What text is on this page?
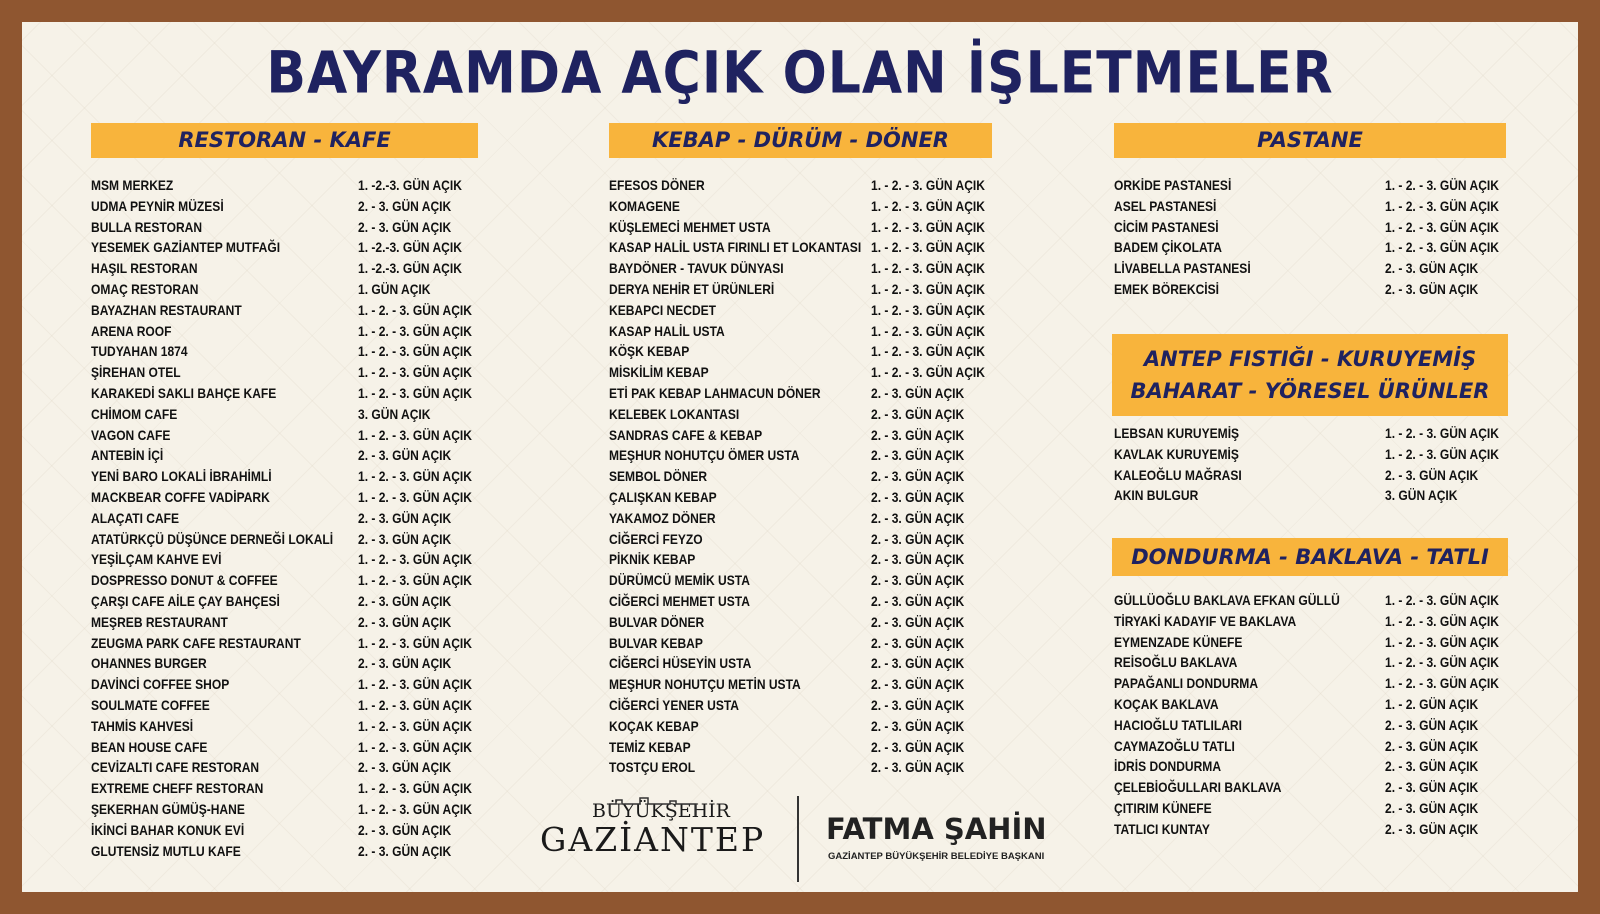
BAYRAMDA AÇIK OLAN İŞLETMELER
RESTORAN - KAFE	KEBAP - DÜRÜM - DÖNER	PASTANE
ANTEP FISTIĞI - KURUYEMİŞ
BAHARAT - YÖRESEL ÜRÜNLER
DONDURMA - BAKLAVA - TATLI
MSM MERKEZ	1. -2.-3. GÜN AÇIK
UDMA PEYNİR MÜZESİ	2. - 3. GÜN AÇIK
BULLA RESTORAN	2. - 3. GÜN AÇIK
YESEMEK GAZİANTEP MUTFAĞI	1. -2.-3. GÜN AÇIK
HAŞIL RESTORAN	1. -2.-3. GÜN AÇIK
OMAÇ RESTORAN	1. GÜN AÇIK
BAYAZHAN RESTAURANT	1. - 2. - 3. GÜN AÇIK
ARENA ROOF	1. - 2. - 3. GÜN AÇIK
TUDYAHAN 1874	1. - 2. - 3. GÜN AÇIK
ŞİREHAN OTEL	1. - 2. - 3. GÜN AÇIK
KARAKEDİ SAKLI BAHÇE KAFE	1. - 2. - 3. GÜN AÇIK
CHİMOM CAFE	3. GÜN AÇIK
VAGON CAFE	1. - 2. - 3. GÜN AÇIK
ANTEBİN İÇİ	2. - 3. GÜN AÇIK
YENİ BARO LOKALİ İBRAHİMLİ	1. - 2. - 3. GÜN AÇIK
MACKBEAR COFFE VADİPARK	1. - 2. - 3. GÜN AÇIK
ALAÇATI CAFE	2. - 3. GÜN AÇIK
ATATÜRKÇÜ DÜŞÜNCE DERNEĞİ LOKALİ 2. - 3. GÜN AÇIK
YEŞİLÇAM KAHVE EVİ	1. - 2. - 3. GÜN AÇIK
DOSPRESSO DONUT & COFFEE	1. - 2. - 3. GÜN AÇIK
ÇARŞI CAFE AİLE ÇAY BAHÇESİ	2. - 3. GÜN AÇIK
MEŞREB RESTAURANT	2. - 3. GÜN AÇIK
ZEUGMA PARK CAFE RESTAURANT	1. - 2. - 3. GÜN AÇIK
OHANNES BURGER	2. - 3. GÜN AÇIK
DAVİNCİ COFFEE SHOP	1. - 2. - 3. GÜN AÇIK
SOULMATE COFFEE	1. - 2. - 3. GÜN AÇIK
TAHMİS KAHVESİ	1. - 2. - 3. GÜN AÇIK
BEAN HOUSE CAFE	1. - 2. - 3. GÜN AÇIK
CEVİZALTI CAFE RESTORAN	2. - 3. GÜN AÇIK
EXTREME CHEFF RESTORAN	1. - 2. - 3. GÜN AÇIK
ŞEKERHAN GÜMÜŞ-HANE	1. - 2. - 3. GÜN AÇIK
İKİNCİ BAHAR KONUK EVİ	2. - 3. GÜN AÇIK
GLUTENSİZ MUTLU KAFE	2. - 3. GÜN AÇIK
EFESOS DÖNER	1. - 2. - 3. GÜN AÇIK
KOMAGENE	1. - 2. - 3. GÜN AÇIK
KÜŞLEMECİ MEHMET USTA	1. - 2. - 3. GÜN AÇIK
KASAP HALİL USTA FIRINLI ET LOKANTASI 1. - 2. - 3. GÜN AÇIK
BAYDÖNER - TAVUK DÜNYASI	1. - 2. - 3. GÜN AÇIK
DERYA NEHİR ET ÜRÜNLERİ	1. - 2. - 3. GÜN AÇIK
KEBAPCI NECDET	1. - 2. - 3. GÜN AÇIK
KASAP HALİL USTA	1. - 2. - 3. GÜN AÇIK
KÖŞK KEBAP	1. - 2. - 3. GÜN AÇIK
MİSKİLİM KEBAP	1. - 2. - 3. GÜN AÇIK
ETİ PAK KEBAP LAHMACUN DÖNER	2. - 3. GÜN AÇIK
KELEBEK LOKANTASI	2. - 3. GÜN AÇIK
SANDRAS CAFE & KEBAP	2. - 3. GÜN AÇIK
MEŞHUR NOHUTÇU ÖMER USTA	2. - 3. GÜN AÇIK
SEMBOL DÖNER	2. - 3. GÜN AÇIK
ÇALIŞKAN KEBAP	2. - 3. GÜN AÇIK
YAKAMOZ DÖNER	2. - 3. GÜN AÇIK
CİĞERCİ FEYZO	2. - 3. GÜN AÇIK
PİKNİK KEBAP	2. - 3. GÜN AÇIK
DÜRÜMCÜ MEMİK USTA	2. - 3. GÜN AÇIK
CİĞERCİ MEHMET USTA	2. - 3. GÜN AÇIK
BULVAR DÖNER	2. - 3. GÜN AÇIK
BULVAR KEBAP	2. - 3. GÜN AÇIK
CİĞERCİ HÜSEYİN USTA	2. - 3. GÜN AÇIK
MEŞHUR NOHUTÇU METİN USTA	2. - 3. GÜN AÇIK
CİĞERCİ YENER USTA	2. - 3. GÜN AÇIK
KOÇAK KEBAP	2. - 3. GÜN AÇIK
TEMİZ KEBAP	2. - 3. GÜN AÇIK
TOSTÇU EROL	2. - 3. GÜN AÇIK
ORKİDE PASTANESİ	1. - 2. - 3. GÜN AÇIK
ASEL PASTANESİ	1. - 2. - 3. GÜN AÇIK
CİCİM PASTANESİ	1. - 2. - 3. GÜN AÇIK
BADEM ÇİKOLATA	1. - 2. - 3. GÜN AÇIK
LİVABELLA PASTANESİ	2. - 3. GÜN AÇIK
EMEK BÖREKCİSİ	2. - 3. GÜN AÇIK
LEBSAN KURUYEMİŞ	1. - 2. - 3. GÜN AÇIK
KAVLAK KURUYEMİŞ	1. - 2. - 3. GÜN AÇIK
KALEOĞLU MAĞRASI	2. - 3. GÜN AÇIK
AKIN BULGUR	3. GÜN AÇIK
GÜLLÜOĞLU BAKLAVA EFKAN GÜLLÜ	1. - 2. - 3. GÜN AÇIK
TİRYAKİ KADAYIF VE BAKLAVA	1. - 2. - 3. GÜN AÇIK
EYMENZADE KÜNEFE	1. - 2. - 3. GÜN AÇIK
REİSOĞLU BAKLAVA	1. - 2. - 3. GÜN AÇIK
PAPAĞANLI DONDURMA	1. - 2. - 3. GÜN AÇIK
KOÇAK BAKLAVA	1. - 2. GÜN AÇIK
HACIOĞLU TATLILARI	2. - 3. GÜN AÇIK
CAYMAZOĞLU TATLI	2. - 3. GÜN AÇIK
İDRİS DONDURMA	2. - 3. GÜN AÇIK
ÇELEBİOĞULLARI BAKLAVA	2. - 3. GÜN AÇIK
ÇITIRIM KÜNEFE	2. - 3. GÜN AÇIK
TATLICI KUNTAY	2. - 3. GÜN AÇIK
BÜYÜKŞEHİR
GAZİANTEP FATMA ŞAHİN
GAZİANTEP BÜYÜKŞEHİR BELEDİYE BAŞKANI
